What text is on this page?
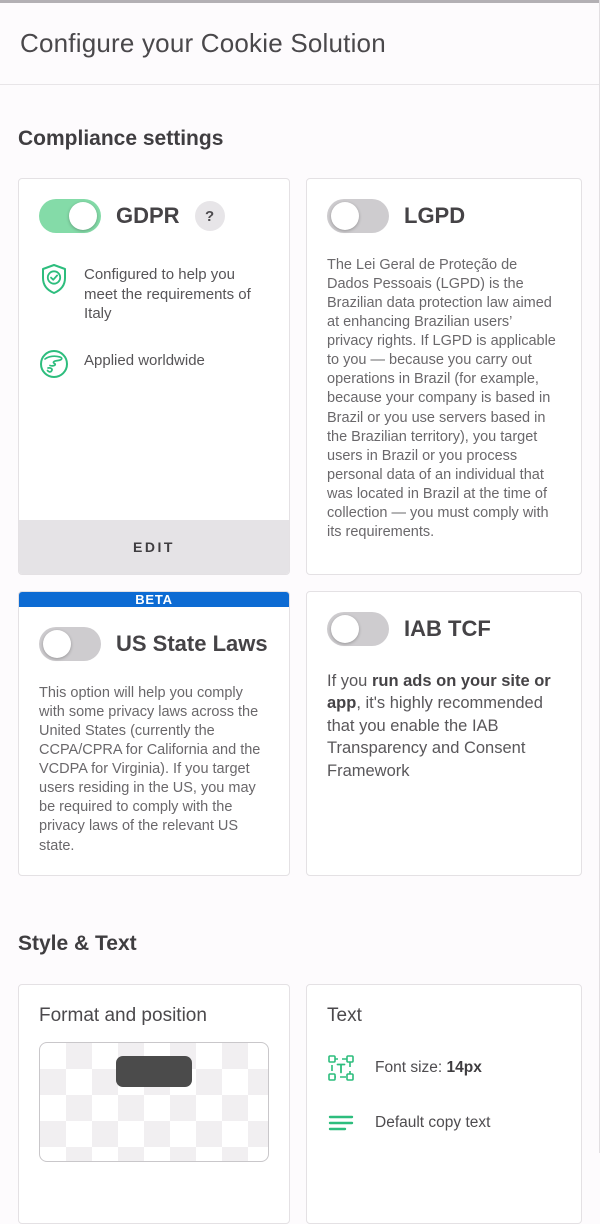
Configure your Cookie Solution
Compliance settings
GDPR	?
Configured to help you meet the requirements of Italy
Applied worldwide
EDIT
LGPD

The Lei Geral de Proteção de Dados Pessoais (LGPD) is the Brazilian data protection law aimed at enhancing Brazilian users’ privacy rights. If LGPD is applicable to you — because you carry out operations in Brazil (for example, because your company is based in Brazil or you use servers based in the Brazilian territory), you target users in Brazil or you process personal data of an individual that was located in Brazil at the time of collection — you must comply with its requirements.

BETA
US State Laws

This option will help you comply with some privacy laws across the United States (currently the CCPA/CPRA for California and the VCDPA for Virginia). If you target users residing in the US, you may be required to comply with the privacy laws of the relevant US state.

IAB TCF

If you run ads on your site or app, it's highly recommended that you enable the IAB Transparency and Consent Framework

Style & Text
Format and position	Text
Font size: 14px
Default copy text
